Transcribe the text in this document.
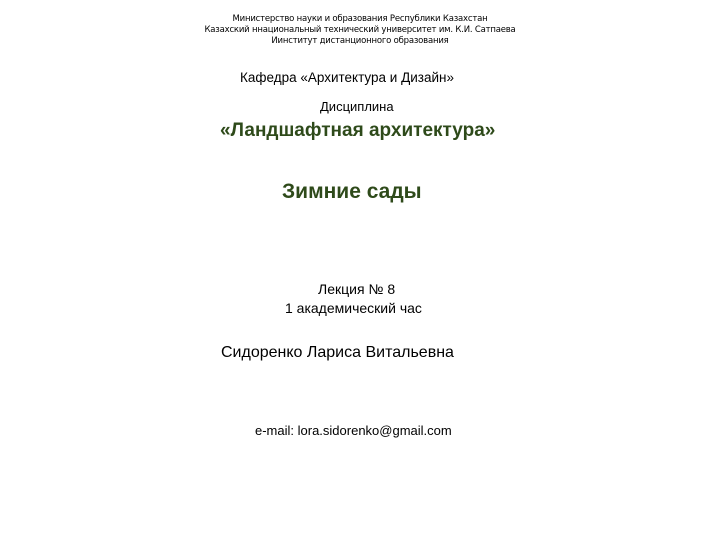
Министерство науки и образования Республики Казахстан
Казахский ннациональный технический университет им. К.И. Сатпаева
Иинститут дистанционного образования
Кафедра «Архитектура и Дизайн»
Дисциплина
«Ландшафтная архитектура»
Зимние сады
Лекция № 8
1 академический час
Сидоренко Лариса Витальевна
e-mail: lora.sidorenko@gmail.com
